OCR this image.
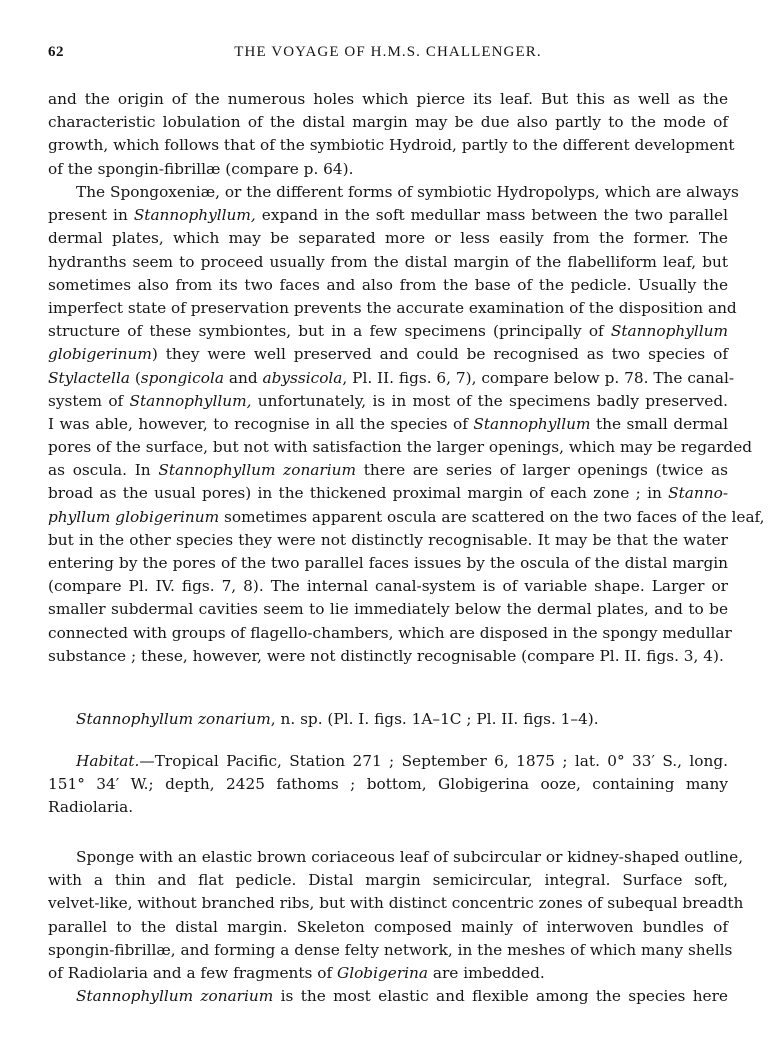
62	THE VOYAGE OF H.M.S. CHALLENGER.
and the origin of the numerous holes which pierce its leaf. But this as well as the
characteristic lobulation of the distal margin may be due also partly to the mode of
growth, which follows that of the symbiotic Hydroid, partly to the different development
of the spongin-fibrillæ (compare p. 64).
The Spongoxeniæ, or the different forms of symbiotic Hydropolyps, which are always
present in Stannophyllum, expand in the soft medullar mass between the two parallel
dermal plates, which may be separated more or less easily from the former. The
hydranths seem to proceed usually from the distal margin of the flabelliform leaf, but
sometimes also from its two faces and also from the base of the pedicle. Usually the
imperfect state of preservation prevents the accurate examination of the disposition and
structure of these symbiontes, but in a few specimens (principally of Stannophyllum
globigerinum) they were well preserved and could be recognised as two species of
Stylactella (spongicola and abyssicola, Pl. II. figs. 6, 7), compare below p. 78. The canal-
system of Stannophyllum, unfortunately, is in most of the specimens badly preserved.
I was able, however, to recognise in all the species of Stannophyllum the small dermal
pores of the surface, but not with satisfaction the larger openings, which may be regarded
as oscula. In Stannophyllum zonarium there are series of larger openings (twice as
broad as the usual pores) in the thickened proximal margin of each zone ; in Stanno-
phyllum globigerinum sometimes apparent oscula are scattered on the two faces of the leaf,
but in the other species they were not distinctly recognisable. It may be that the water
entering by the pores of the two parallel faces issues by the oscula of the distal margin
(compare Pl. IV. figs. 7, 8). The internal canal-system is of variable shape. Larger or
smaller subdermal cavities seem to lie immediately below the dermal plates, and to be
connected with groups of flagello-chambers, which are disposed in the spongy medullar
substance ; these, however, were not distinctly recognisable (compare Pl. II. figs. 3, 4).
Stannophyllum zonarium, n. sp. (Pl. I. figs. 1A–1C ; Pl. II. figs. 1–4).
Habitat.—Tropical Pacific, Station 271 ; September 6, 1875 ; lat. 0° 33′ S., long.
151° 34′ W.; depth, 2425 fathoms ; bottom, Globigerina ooze, containing many
Radiolaria.
Sponge with an elastic brown coriaceous leaf of subcircular or kidney-shaped outline,
with a thin and flat pedicle. Distal margin semicircular, integral. Surface soft,
velvet-like, without branched ribs, but with distinct concentric zones of subequal breadth
parallel to the distal margin. Skeleton composed mainly of interwoven bundles of
spongin-fibrillæ, and forming a dense felty network, in the meshes of which many shells
of Radiolaria and a few fragments of Globigerina are imbedded.
Stannophyllum zonarium is the most elastic and flexible among the species here
